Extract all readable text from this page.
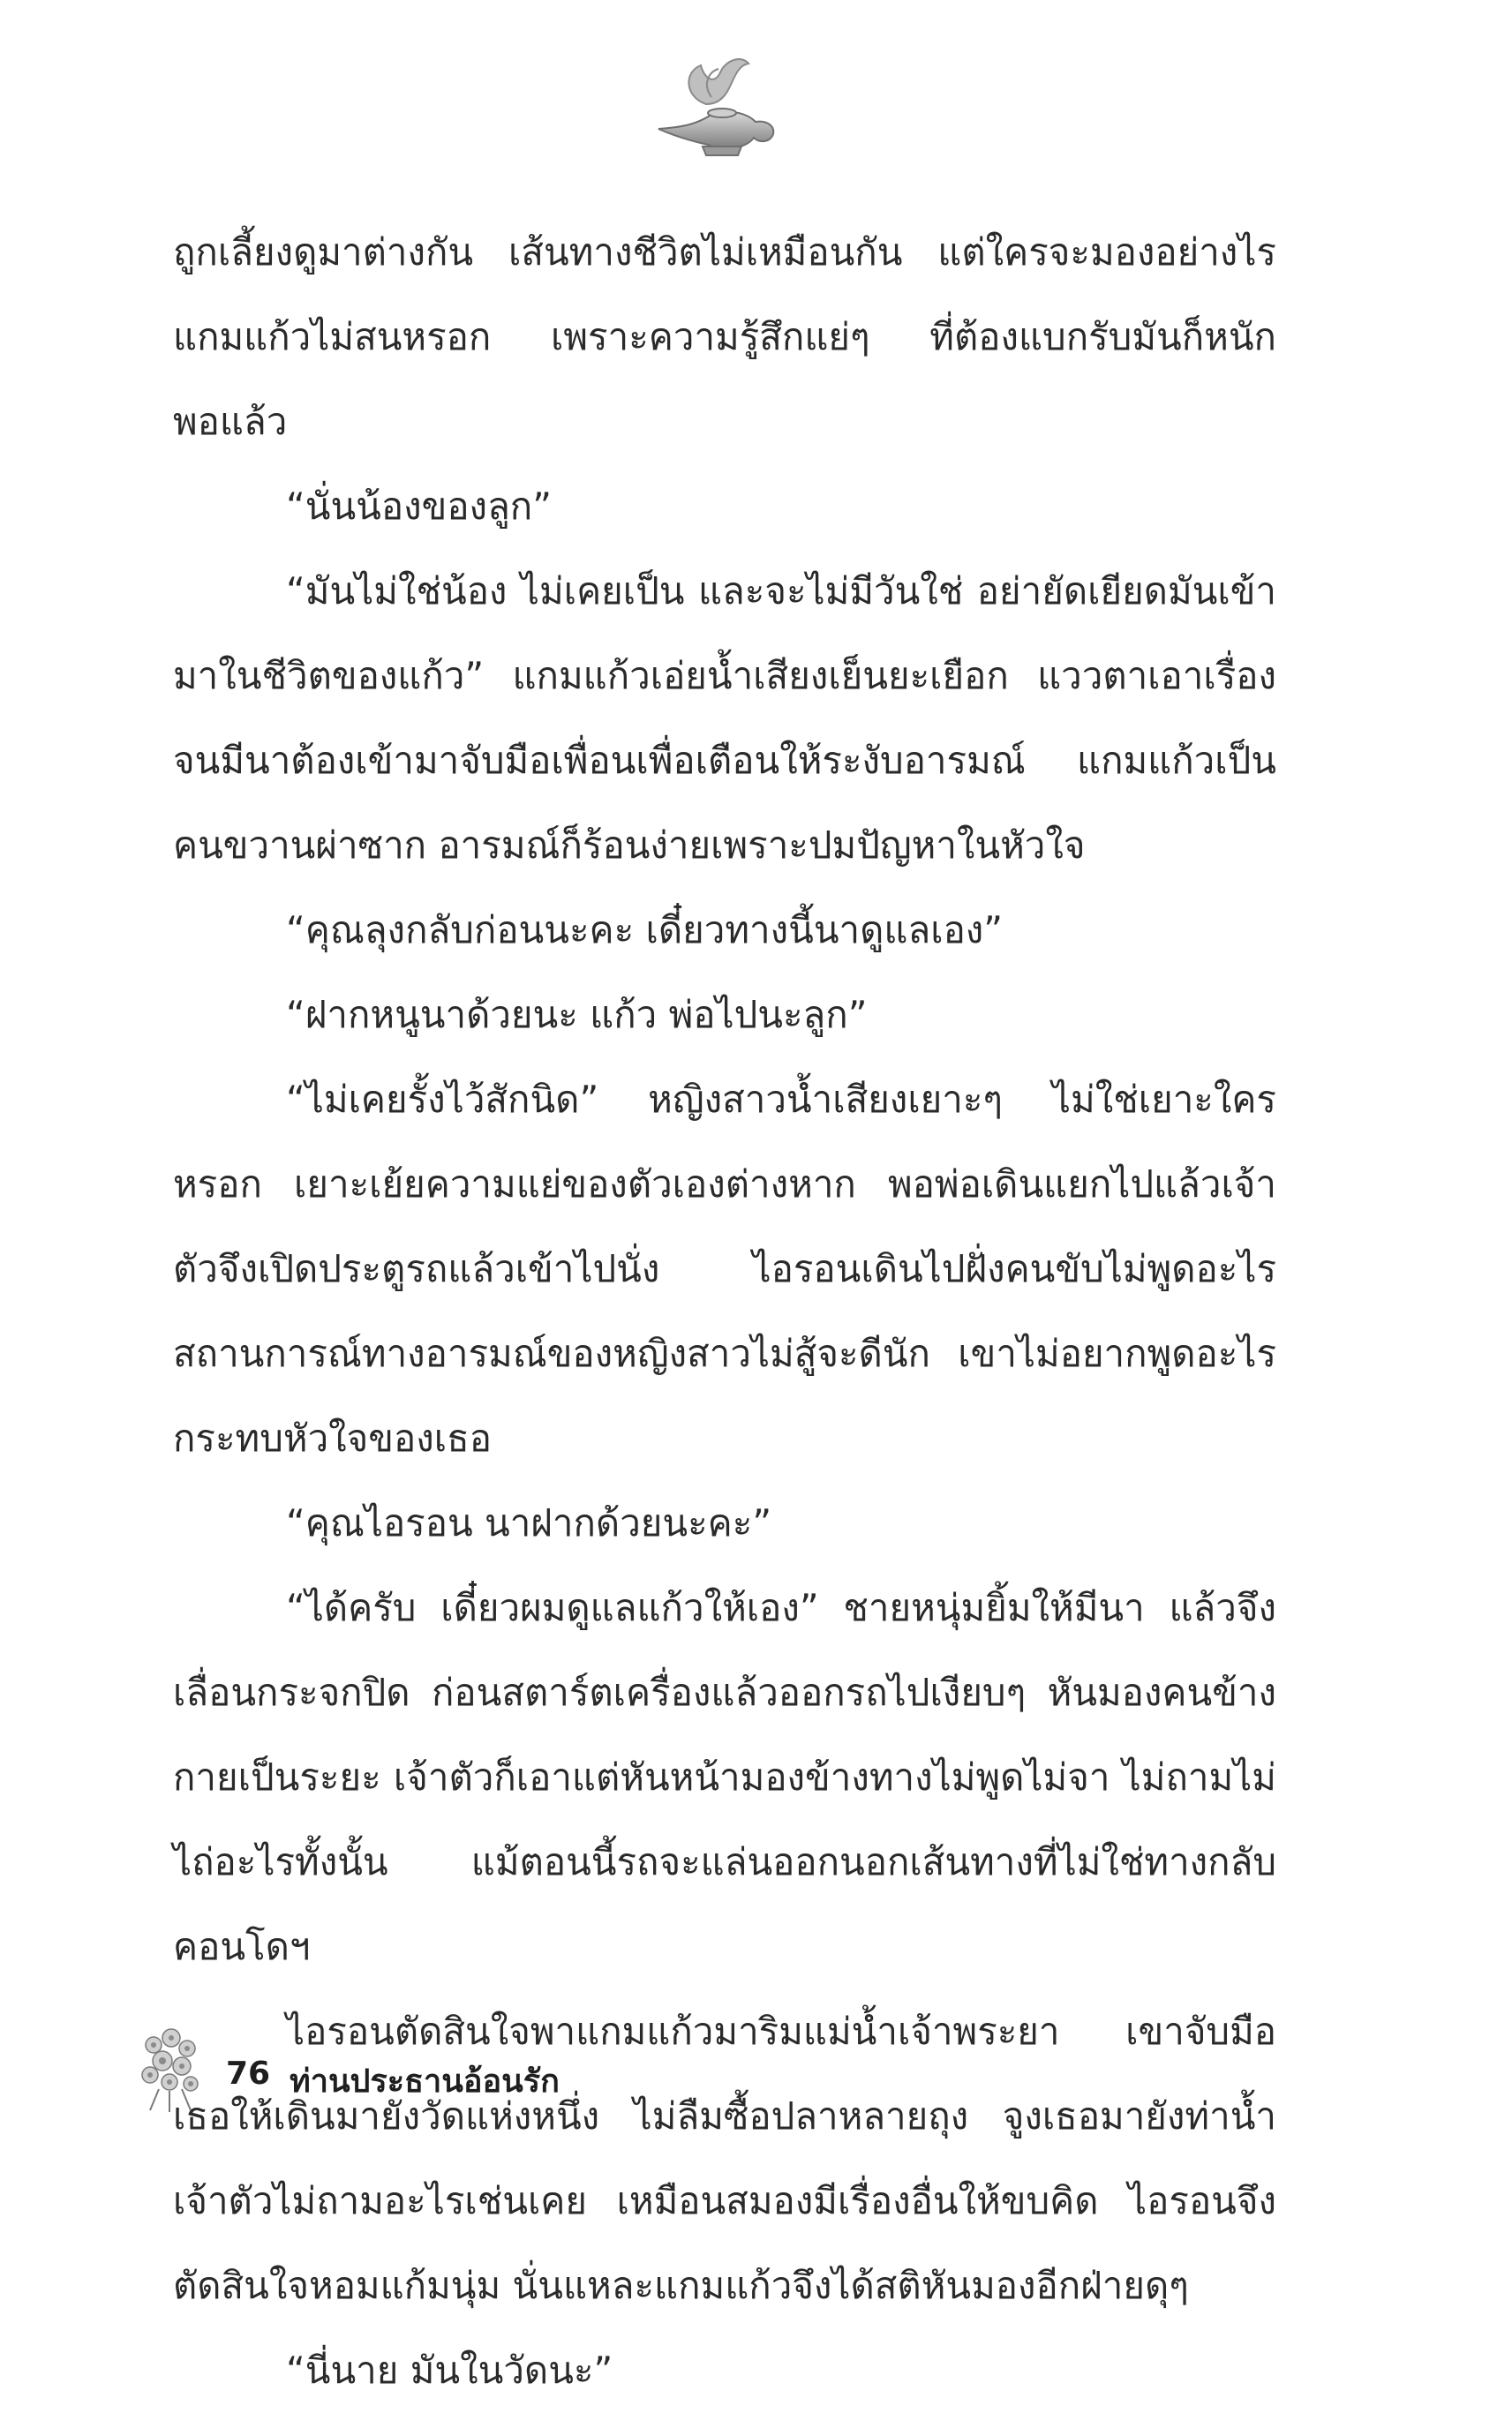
ถูกเลี้ยงดูมาต่างกัน เส้นทางชีวิตไม่เหมือนกัน แต่ใครจะมองอย่างไร แกมแก้วไม่สนหรอก เพราะความรู้สึกแย่ๆ ที่ต้องแบกรับมันก็หนักพอแล้ว

“นั่นน้องของลูก”

“มันไม่ใช่น้อง ไม่เคยเป็น และจะไม่มีวันใช่ อย่ายัดเยียดมันเข้ามาในชีวิตของแก้ว” แกมแก้วเอ่ยน้ำเสียงเย็นยะเยือก แววตาเอาเรื่อง จนมีนาต้องเข้ามาจับมือเพื่อนเพื่อเตือนให้ระงับอารมณ์ แกมแก้วเป็นคนขวานผ่าซาก อารมณ์ก็ร้อนง่ายเพราะปมปัญหาในหัวใจ

“คุณลุงกลับก่อนนะคะ เดี๋ยวทางนี้นาดูแลเอง”

“ฝากหนูนาด้วยนะ แก้ว พ่อไปนะลูก”

“ไม่เคยรั้งไว้สักนิด” หญิงสาวน้ำเสียงเยาะๆ ไม่ใช่เยาะใครหรอก เยาะเย้ยความแย่ของตัวเองต่างหาก พอพ่อเดินแยกไปแล้วเจ้าตัวจึงเปิดประตูรถแล้วเข้าไปนั่ง ไอรอนเดินไปฝั่งคนขับไม่พูดอะไร สถานการณ์ทางอารมณ์ของหญิงสาวไม่สู้จะดีนัก เขาไม่อยากพูดอะไรกระทบหัวใจของเธอ

“คุณไอรอน นาฝากด้วยนะคะ”

“ได้ครับ เดี๋ยวผมดูแลแก้วให้เอง” ชายหนุ่มยิ้มให้มีนา แล้วจึงเลื่อนกระจกปิด ก่อนสตาร์ตเครื่องแล้วออกรถไปเงียบๆ หันมองคนข้างกายเป็นระยะ เจ้าตัวก็เอาแต่หันหน้ามองข้างทางไม่พูดไม่จา ไม่ถามไม่ไถ่อะไรทั้งนั้น แม้ตอนนี้รถจะแล่นออกนอกเส้นทางที่ไม่ใช่ทางกลับคอนโดฯ

ไอรอนตัดสินใจพาแกมแก้วมาริมแม่น้ำเจ้าพระยา เขาจับมือเธอให้เดินมายังวัดแห่งหนึ่ง ไม่ลืมซื้อปลาหลายถุง จูงเธอมายังท่าน้ำ เจ้าตัวไม่ถามอะไรเช่นเคย เหมือนสมองมีเรื่องอื่นให้ขบคิด ไอรอนจึงตัดสินใจหอมแก้มนุ่ม นั่นแหละแกมแก้วจึงได้สติหันมองอีกฝ่ายดุๆ

“นี่นาย มันในวัดนะ”

76 ท่านประธานอ้อนรัก
